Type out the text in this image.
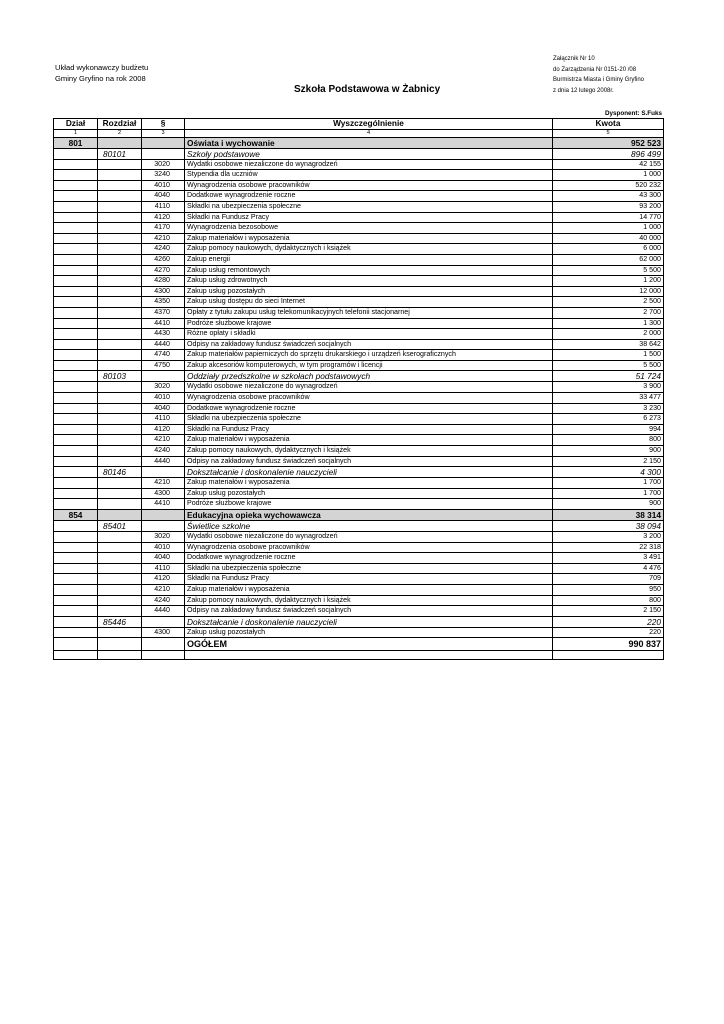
Układ wykonawczy budżetu
Gminy Gryfino na rok 2008
Załącznik Nr 10
do Zarządzenia Nr 0151-20 /08
Burmistrza Miasta i Gminy Gryfino
z dnia 12 lutego 2008r.
Szkoła Podstawowa w Żabnicy
Dysponent: S.Fuks
Dział	Rozdział	§	Wyszczególnienie	Kwota
1	2	3	4	5
801			Oświata i wychowanie	952 523
	80101		Szkoły podstawowe	896 499
		3020	Wydatki osobowe niezaliczone do wynagrodzeń	42 155
		3240	Stypendia dla uczniów	1 000
		4010	Wynagrodzenia osobowe pracowników	520 232
		4040	Dodatkowe wynagrodzenie roczne	43 300
		4110	Składki na ubezpieczenia społeczne	93 200
		4120	Składki na Fundusz Pracy	14 770
		4170	Wynagrodzenia bezosobowe	1 000
		4210	Zakup materiałów i wyposażenia	40 000
		4240	Zakup pomocy naukowych, dydaktycznych i książek	6 000
		4260	Zakup energii	62 000
		4270	Zakup usług remontowych	5 500
		4280	Zakup usług zdrowotnych	1 200
		4300	Zakup usług pozostałych	12 000
		4350	Zakup usług dostępu do sieci Internet	2 500
		4370	Opłaty z tytułu zakupu usług telekomunikacyjnych telefonii stacjonarnej	2 700
		4410	Podróże służbowe krajowe	1 300
		4430	Różne opłaty i składki	2 000
		4440	Odpisy na zakładowy fundusz świadczeń socjalnych	38 642
		4740	Zakup materiałów papierniczych do sprzętu drukarskiego i urządzeń kserograficznych	1 500
		4750	Zakup akcesoriów komputerowych, w tym programów i licencji	5 500
	80103		Oddziały przedszkolne w szkołach podstawowych	51 724
		3020	Wydatki osobowe niezaliczone do wynagrodzeń	3 900
		4010	Wynagrodzenia osobowe pracowników	33 477
		4040	Dodatkowe wynagrodzenie roczne	3 230
		4110	Składki na ubezpieczenia społeczne	6 273
		4120	Składki na Fundusz Pracy	994
		4210	Zakup materiałów i wyposażenia	800
		4240	Zakup pomocy naukowych, dydaktycznych i książek	900
		4440	Odpisy na zakładowy fundusz świadczeń socjalnych	2 150
	80146		Dokształcanie i doskonalenie nauczycieli	4 300
		4210	Zakup materiałów i wyposażenia	1 700
		4300	Zakup usług pozostałych	1 700
		4410	Podróże służbowe krajowe	900
854			Edukacyjna opieka wychowawcza	38 314
	85401		Świetlice szkolne	38 094
		3020	Wydatki osobowe niezaliczone do wynagrodzeń	3 200
		4010	Wynagrodzenia osobowe pracowników	22 318
		4040	Dodatkowe wynagrodzenie roczne	3 491
		4110	Składki na ubezpieczenia społeczne	4 476
		4120	Składki na Fundusz Pracy	709
		4210	Zakup materiałów i wyposażenia	950
		4240	Zakup pomocy naukowych, dydaktycznych i książek	800
		4440	Odpisy na zakładowy fundusz świadczeń socjalnych	2 150
	85446		Dokształcanie i doskonalenie nauczycieli	220
		4300	Zakup usług pozostałych	220
			OGÓŁEM	990 837
